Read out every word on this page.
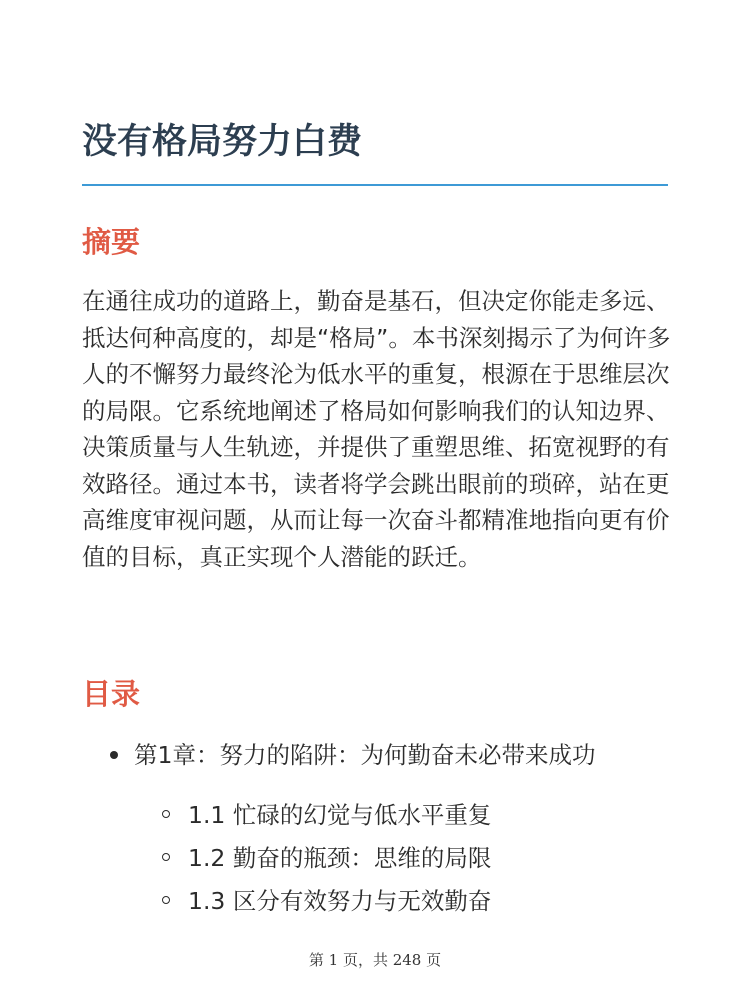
没有格局努力白费
摘要

在通往成功的道路上，勤奋是基石，但决定你能走多远、抵达何种高度的，却是“格局”。本书深刻揭示了为何许多人的不懈努力最终沦为低水平的重复，根源在于思维层次的局限。它系统地阐述了格局如何影响我们的认知边界、决策质量与人生轨迹，并提供了重塑思维、拓宽视野的有效路径。通过本书，读者将学会跳出眼前的琐碎，站在更高维度审视问题，从而让每一次奋斗都精准地指向更有价值的目标，真正实现个人潜能的跃迁。

目录
第1章：努力的陷阱：为何勤奋未必带来成功
1.1 忙碌的幻觉与低水平重复
1.2 勤奋的瓶颈：思维的局限
1.3 区分有效努力与无效勤奋
第 1 页，共 248 页
